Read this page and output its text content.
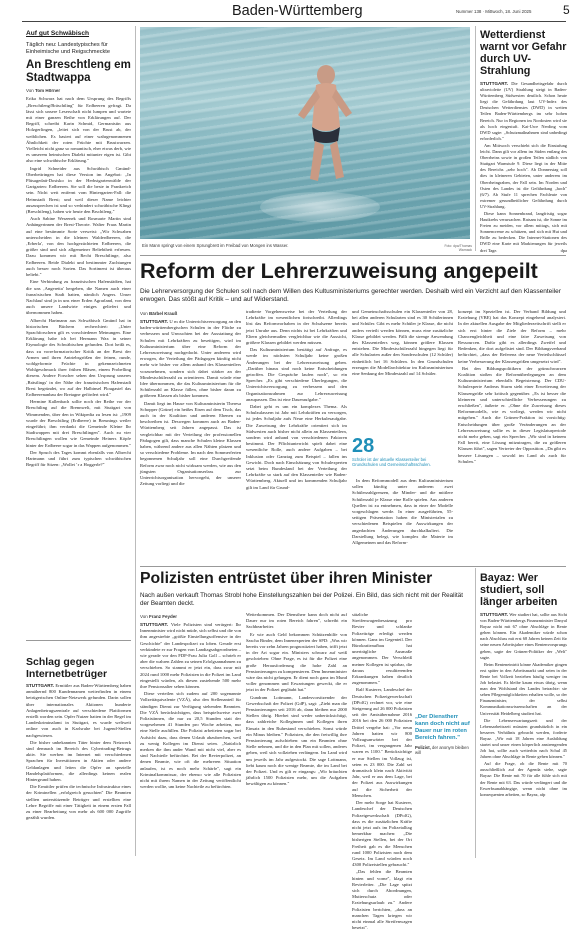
Baden-Württemberg	Nummer 138 · Mittwoch, 18. Juni 2025	5
Auf gut Schwäbisch
Täglich neu: Landestypisches für Einheimische und Reigschmeckte
An Breschtleng em Stadtwappa
Von Tom Hörner

Erika Schwarz hat nach dem Ursprung des Begriffs „Breschtleng/Bräschtling" für Erdbeeren gefragt. Da lässt sich unsere Leserschaft nicht lumpen und wartete mit einer ganzen Reihe von Erklärungen auf. Der Begriff, schreibt Karin Schmid, Germanistin aus Holzgerlingen, „leitet sich von der Brust ab, der weiblichen. Es basiert auf einer wahrgenommenen Ähnlichkeit der roten Früchte mit Brustwarzen. Vielleicht nicht ganz so romantisch, eher etwas derb, wie es unserem heimischen Dialekt mitunter eigen ist. Gibt also eine schwäbische Erklärung."

Ingrid Schneider aus Schwäbisch Gmünd-Oberbettringen hat diese Version im Angebot: „In Plüsagedatt-Dosisko in der Herbstgartenwälde der Gartgarten: Erdbeeren. Sie soll die beste in Frankreich sein. Nicht weit entfernt vom Hintergarten-Fall: die Heimstadt Brest; und weil dieser Name leichter auszusprechen ist und so verhindert schwäbische Klingt (Breschtleng), haben wir heute den Brschtleng."

Auch Sabine Werzenek und Rosmarie Martin sind Anhängerinnen der Brest-Theorie. Walter Fraas Martin auf eine bestimmte Sorte verweist: „Wir Schwaben unterscheiden in die kleinen Walderdbeeren, die ‚Erberla', von den hochgezüchteten Erdbeeren, die größer sind und sich allgemeiner Beliebtheit erfreuen. Dazu kommen wir mit Recht Breschtlinge, also Erdbeeren. Beide Dialekt und bestimmter Zuchtungen auch besser noch Sorten. Das Sortiment ist überaus beliebt."

Eine Verbindung zu französischen Hafenstädten, hat die uns ‚Angeretta' hergeben, die Namen auch einer französischen Stadt hatten, nämlich Angers. Unser Nachlauf sind ja in uns einer Erden Agrarland, von dem auch unsere Landwirte einiges geliefert und übernommen haben.

Albrecht Hartmann aus Schwäbisch Gmünd hat in historischen Büchern recherchiert: „Unter Sprachforschern gilt es vorschiedener Meinungen. Eine Erklärung habe ich bei Hermann Wax in seiner Etymologie des Schwäbischen gefunden. Dort heißt es, dass zu vorreformatorischer Kritik an der Brest der Armen und ihren Antriebsgrößen der feinen, runde, wohlgeformte Früchte in gekennzeichneten Wohlgeschmack ihrer frühen Bläsen, einem Probelling diesem. Andere Forscher sehen den Ursprung unseres ‚Brästlings' in der Nähe der französischen Hafenstadt Brest begründet, wo auf der Halbinsel Plougastel das Erdbeerenanbau der Bretagne gefördert wird."

Hermine Kallenbach sollte noch der Reihe vor der Breschtling auf die Brennwelt, mit Stuttgart von Wimmenden, über den in Wikipedia zu lesen ist: „1909 wurde der Breschtling (Erdbeere) in Breunings weiler eingeführt; ihm verdankt die Gemeinde Kleine Ihr Stadtwappen mit drei Breschtlingen". Auch zu vier Breschtlingen wollen wie Gemeinde Heiners Köpfe hinter der Erdbeere sogar in das Wappen aufgenommen."

Der Spruch des Tages kommt ebenfalls von Albrecht Hartmann und führt zum typischen schwäbischen Begriff für Sitzen: „Wollet ’r a Hoggerle?"

Schlag gegen Internetbetrüger

STUTTGART. Ermittler aus Baden-Württemberg haben anmähernd 800 Kundennamen weiterfinden in einem betrügerischen Online-Netzwerk gefunden. Darin sollen über internationales Aktionen hunderte Anlagenbetrugszentrale auf verschiedene Plattformen erstellt worden sein. Opfer Nutzer hatten in der Regel im Landeskriminalamt in Stuttgart, es wurde weltweit online von auch in Karlsruhe bei Jugend-Stellen nachgewiesen.

Die bisher unbekannten Täter hinter dem Netzwerk sind demnach im Bereich des Cybertrading-Betrugs aktiv. Sie werben im Internet mit verschiedenen Sprachen für Investitionen in Aktien oder andere Geldanlagen und leiten die Opfer an spezielle Handelsplattformen, die allerdings keinen realen Hintergrund haben.

Die Ermittler prüfen die technische Infrastruktur eines der Kriminellen „erfolgreich gesuchten" Die Beamten stellten unterstützende Betrüger und erstellten eine Lehre Begriffe mit einer Tätigkeit in einem ersten Fall zu einer Bearbeitung von mehr als 600 000 Zugriffe gezählt wurden.

Ein Mann springt von einem Sprungbrett im Freibad von Mongen ins Wasser.	Foto: dpa/Thomas Warnack
Wetterdienst warnt vor Gefahr durch UV-Strahlung

STUTTGART. Die Gesundheitsgefahr durch ultraviolette (UV) Strahlung steigt in Baden-Württemberg Südwesten deutlich. Schon heute liegt die Gefährdung laut UV-Index des Deutschen Wetterdienstes (DWD) in weiten Teilen Baden-Württembergs im sehr hohen Bereich. Nur in Regionen im Nordosten wird sie als hoch eingestuft. Kai-Uwe Nerding vom DWD sagte: „Schutzmaßnahmen sind unbedingt erforderlich."

Am Mittwoch verschiebt sich die Einstufung leicht. Dann gilt vor allem im Süden entlang des Oberrheins sowie in großen Teilen südlich von Stuttgart Warnstufe 9. Diese liegt in der Mitte des Bereichs „sehr hoch". Ab Donnerstag soll dies in kleineren Gebieten, unter anderem im Oberrheingraben, der Fall sein. Im Norden und Osten des Landes ist die Gefährdung „hoch" (6/7). Ab Stufe 11 sprechen Fachleute von extremer gesundheitlicher Gefährdung durch UV-Strahlung.

Diese kann Sonnenbrand, langfristig sogar Hautkrebs verursachen. Ratsam ist, die Sonne im Freien zu meiden, vor allem mittags, sich mit Sonnencreme zu schützen, und sich mit Hut und Brille zu bedecken. Die Internet-Stationen des DWD eine Karte mit Markierungen für jeweils drei Tage.	dpa

Reform der Lehrerzuweisung angepeilt
Die Lehrerversorgung der Schulen soll nach dem Willen des Kultusministeriums gerechter werden. Deshalb wird ein Verzicht auf den Klassenteiler erwogen. Das stößt auf Kritik – und auf Widerstand.
Von Bärbel Krauß

STUTTGART. U m die Unterrichtsversorgung an den baden-württembergischen Schulen in der Fläche zu verbessern und Unwuchten bei der Ausstattung der Schulen mit Lehrkräften zu beseitigen, wird im Kultusministerium über eine Reform der Lehrerzuweisung nachgedacht. Unter anderem wird erwogen, die Verteilung der Pädagogen künftig nicht mehr wie bisher vor allem anhand des Klassenteilers vorzunehmen, sondern sich dabei stärker an der Mindestschülerzahl zu orientieren. Damit würde eine Idee übernommen, die das Kultusministerium für die Schülerzahl an Klasse fällen, ohne bisher daran zu größeren Klassen als bisher kommen.

Damit liegt im Hause von Kultusministerin Theresa Schopper (Grüne) ein heißes Eisen auf dem Tisch, das auch in der Koalition und anderen Ebenen zu beschreiben ist. Deswegen kommen auch an Baden-Württemberg seit Jahren angepasst. Das ist vergleichbar mit der Verteilung der professionellen Pädagogen gilt, dass manche Schulen kleine Klassen haben, während andere aus allen Nähten platzen und so verschiedene Probleme. Im nach den Sommerferien begonnenen Schuljahr soll eine Durchgreifende Reform zwar noch nicht wirksam werden, wie aus den jüngsten Organisationserlass zur Unterrichtsorganisation hervorgeht, der unserer Zeitung vorliegt und die

tradierte Vorgehensweise bei der Verteilung der Lehrkräfte im wesentlichen fortschreibt. Allerdings löst das Reformvorhaben in der Schulszene bereits jetzt Unruhe aus. Denn nichts ist bei Lehrkräften und Eltern gleichermaßen vergleichbar wie die Aussicht, größere Klassen gebildet werden müssen.

Das Kultusministerium bestätigt auf Anfrage, es werde im nächsten Schuljahr keine großen Änderungen bei der Lehrerzuweisung geben. „Darüber hinaus sind noch keine Entscheidungen getroffen. Die Gespräche laufen noch", so ein Sprecher. „Es gibt verschiedene Überlegungen, die Unterrichtsversorgung zu verbessern und den Organisationsrahmen zur Lehrerzuweisung anzupassen. Das ist eine Daueraufgabe."

Dabei geht es um ein komplexes Thema. Als Schulzulassern ist Jahr mit Lehrkräften zu versorgen, ist jedes Schuljahr aufs Neue eine Herkulesaufgabe. Die Zuweisung der Lehrkräfte orientiert sich im Südwesten auch bisher nicht allein an Klassenteilern, sondern wird anhand von verschiedenen Faktoren bestimmt. Der Pflichtunterricht spielt dabei eine wesentliche Rolle, auch andere Aufgaben – bei Inklusion oder Ganztag zum Beispiel – fallen ins Gewicht. Doch nach Einschätzung von Schulexperten setzt beim Bundesland bei der Verteilung der Lehrkräfte so stark auf den Klassenteiler wie Baden-Württemberg. Aktuell und im kommenden Schuljahr gilt im Land für Grund-

und Gemeinschaftsschulen ein Klassenteiler von 28, bei allen anderen Schularten sind es 30 Schülerinnen und Schüler. Gibt es mehr Schüler je Klasse, die nicht anders verteilt werden können, muss eine zusätzliche Klasse gebildet werden. Fällt die strenge Anwendung des Klassenteilers weg, können größere Klassen entstehen. Die Mindestschülerzahl hingegen liegt für alle Schularten außer den Sonderschulen (12 Schüler) einheitlich bei 16 Schülern. In den Grundschulen erzeugen die Modellarchitektur im Kultusministerium eine Senkung der Mindestzahl auf 14 Schüler.

28
Schüler ist der aktuelle Klassenteiler bei Grundschulen und Gemeinschaftsschulen.

In dem Reformmodell aus dem Kultusministerium sollen künftig unter anderem zwei Schülerzahlgrenzen, die Minder- und die mittlere Schülerzahl je Klasse eine Rolle spielen. Aus anderen Quellen ist zu entnehmen, dass in einer der Modelle vorgeschlagen werde. In einer ausgeführten, 55-seitigen Präsentation haben die Ministerialen zu verschiedenen Beispielen die Auswirkungen der angedachten Änderungen durchkalkuliert. Die Darstellung belegt, wie komplex die Materie im Allgemeinen und das Reform-

konzept im Speziellen ist. Der Verband Bildung und Erziehung (VBE) hat das Konzept eingehend analysiert. In der aktuellen Ausgabe der Mitgliederzeitschrift stellt er sich erst hinter die Ziele der Reform – mehr Chancengleichheit und eine faire Zuweisung von Ressourcen. Dafür gibt es allerdings Zweifel und Bedenken, die dort aufgelistet sind. Der Bildungsverband befürchtet, „dass der Referenz der neue Verteilschlüssel keine Verbesserung der Klassengrößen umgesetzt wird".

Bei den Bildungspolitikern der grünschwarzen Koalition stoßen die Reformüberlegungen an dem Kultusministerium ebenfalls Begeisterung. Der CDU-Schulexperte Andreas Sturm sieht einer Erweiterung der Klassengröße sehr kritisch gegenüber. „Es ist besser die kleineren und unterschiedliche Verbesserungen zu erschließen", äußerte er. „Ohne die Zuweisung dieses Reformmodells, wie es vorliegt, werden wir nicht mitgehen." Auch die Grünen-Fraktion ist vorsichtig: Entscheidungen über große Veränderungen an der Lehrerzuweisung sollte es in dieser Legislaturperiode nicht mehr geben, sagt ein Sprecher. „Wir sind in keinem Fall bereit, eine Lösung mitzutragen, die zu größeren Klassen führt", sagen Vertreter der Opposition. „Da gibt es bessere Lösungen – sowohl im Land als auch für Schulen."

Polizisten entrüstet über ihren Minister
Nach außen verkauft Thomas Strobl hohe Einstellungszahlen bei der Polizei. Ein Bild, das sich nicht mit der Realität der Beamten deckt.
Von Franz Feyder

STUTTGART. Viele Polizisten sind verärgert: Ihr Innenminister wird nicht müde, sich selbst und die von ihm angestrebte „größte Einstellungsoffensive in der Geschichte" der Landespolizei zu loben. Gerade erst verkündete er zur Fragen von Landtagsabgeordneten – wie gerade vor den FDP-Frau Julia Goll – schrieb er aber die wahren Zahlen zu seinen Erfolgsannahmen zu verschieben. So stammt er jetzt ein, dass zwar mit 2024 rund 1000 mehr Polizisten in die Polizei im Land eingestellt würden, als diesen zustehende 500 mehr ihre Pensionsalter sehen können.

Diese verteilen sich zudem auf 200 sogenannte Vollzeitäquivalente (VZÄ), also den Stellenanteil für ständigen Dienst zur Verfügung stehenden Beamten. Die VZÄ berücksichtigen, dass beispielsweise zwei Polizistinnen, die nur zu 20,5 Stunden statt der vorgesehenen 41 Stunden pro Woche arbeiten, nur eine Stelle ausfüllen. Die Polizist arbeiteten sogar bei Aufsicht dazu, dass denen Urlaub abzubrechen, weil zu wenig Kollegen im Dienst seien. „Natürlich merken die ihm ander Wand mit nicht viel, aber es sind Nachteile befürchtet. Bei der Revierpolizei, an denen Beamte, wie oft die mehreren Situation anlaufen, ist es noch mehr Schärfe", sagt ein Kriminalkommissar, der ebenso wie alle Polizisten nicht mit ihrem Namen in der Zeitung veröffentlicht werden wollte, um keine Nachteile zu befürchten.

Weiterkommen. Der Dienstherr kann doch nicht auf Dauer nur im roten Bereich fahren", schreibt ein Sachbearbeiter.

Er wie auch Geld bekommen Schützenhilfe von Sascha Binder, dem Innenexperten der SPD: „Was wir bereits vor zehn Jahren prognostiziert haben, trifft jetzt in der Art sogar ein. Ministers schwarz auf weiß geschrieben: Ohne Frage, es ist für die Polizei eine große Herausforderung die hohe Zahl an Pensionierungen zu kompensieren. Dem Innenminister wäre das nicht gelungen. Er dient noch ganz im Mund voller genommen und Erwartungen geweckt, die er jetzt in der Polizei gegläubt hat."

Gundram Lottmann, Landesvorsitzender der Gewerkschaft der Polizei (GdP), sagt: „Zieht man die Pensionierungen seit 2016 ab, dann bleiben nur 2000 Stellen übrig. Hierbei sind weder unberücksichtigt, dass zahlreiche Kolleginnen und Kollegen ihren Einsatz in den Ruhestand verschieben. Sonst würde ein Minus bleiben." Polizisten, die den freiwillig ihre Pensionierung aufschieben: um ein Beamten ohne Stelle nehmen, und die in den Plan mit sollen, anderes geben, weil sich vollziehen verlängern. Im Land wird um jeweils im Jahr aufgestockt. Die sage Lottmann, liebt kaum noch die wenige Beamte, die im Land bei der Polizei. Und es gilt er eingangs: „Wir bräuchten jährlich 1500 Polizisten mehr, um die Aufgaben bewältigen zu können."

sätzliche Streifenwagenbesatzung pro Revier und schlanke Polizeiträge erledigt werden können. Ganz im Gegenteil. Der Bürokratieaufbau hat unerträgliche Ausmaße angenommen. Der Verschleiß meiner Kollegen ist spürbar, die daraus resultierenden Erkrankungen haben deutlich zugenommen."

Ralf Kusterer, Landeschef der Deutschen Polizeigewerkschaft (DPolG) rechnet vor, wie eine Steigerung auf 26 000 Polizisten seit der Amtsübernahme 2016 2016 bei den 26 000 Polizisten Drittel vergehe hat: „Vor neun Jahren hatten wir 800 Vollzugsanwärter bei der Polizei, im vergangenen Jahr waren es 1100." Berücksichtige er nur Stellen im Vollzug ist, seien es 23 000. Die Zahl sei dramatisch klein nach Aktivität Jahr, weil er aus dem Lage, bei der Polizei aus Auswirkungen auf die Sicherheit der Menschen.

Der mehr Sorge hat Kusterer, Landeschef der Deutschen Polizeigewerkschaft (DPolG), dass es die zusätzlichen Kräfte nicht jetzt aufs im Polizeialltag bemerkbar machen: „Die bisherigen Stellen, bei der Ort Freiheit gab es die Menschen rund 1000 Polizisten nach dem Gesetz. Im Land würden noch 4300 Polizeistellen gebraucht."

„Das fehlen die Beamten hinten und vorne", klagt ein Revierleiter. „Die Lage spitzt sich durch Abordnungen, Mutterschutz oder Erziehungsurlaub zu." Andere Polizisten berichten, „dass an manchen Tagen kriegen wir nicht einmal alle Streifenwagen besetzt".

„Der Dienstherr kann doch nicht auf Dauer nur im roten Bereich fahren."
Polizist, der anonym bleiben will
Bayaz: Wer studiert, soll länger arbeiten

STUTTGART. Wer studiert hat, sollte aus Sicht von Baden-Württembergs Finanzminister Danyal Bayaz nicht mit 67 ohne Abschläge in Rente gehen können. Ein Akademiker würde schon nach Abschluss mit erst 68 Jahren keinen Zeit für seine neuen Arbeitsjahre eines Rentenvorsprungs geben, sagte der Grünen-Politiker der „Welt" sagte.

Beim Renteneintritt könne Akademiker gingen erst später in den Arbeitsmarkt und seien in der Rente bei Vollzeit beziehen häufig weniger im Job belastet. Es bleibe kaum etwas übrig, wenn man den Wohlstand des Landes betrachte: sie sehen Pflegemöglichkeiten erhalten wolle, so der Finanzminister, der selbst Kommunikationswissenschaften an der Universität Heidelberg studiert hat.

Die Lebenserwartungszeit und der Lebensarbeitszeit müssten grundsätzlich in ein besseres Verhältnis gebracht werden, forderte Bayaz. „Wir mit 18 Jahren eine Ausbildung startet und unser einen körperlich anstrengenden Job hat, sollte auch weiterhin nach Schul 45 Jahren ohne Abschläge in Rente gehen können."

Auf die Frage, ob die Rente mit 70 ausschließlich auf der Agenda stehe, sagte Bayaz: Die Rente mit 70 für alle fühle sich mit der Rente mit 63. Das würde verlängert und die Erwerbsunabhängige, wenn nicht ohne im konsequenten arbeiten, so Bayaz, afp
